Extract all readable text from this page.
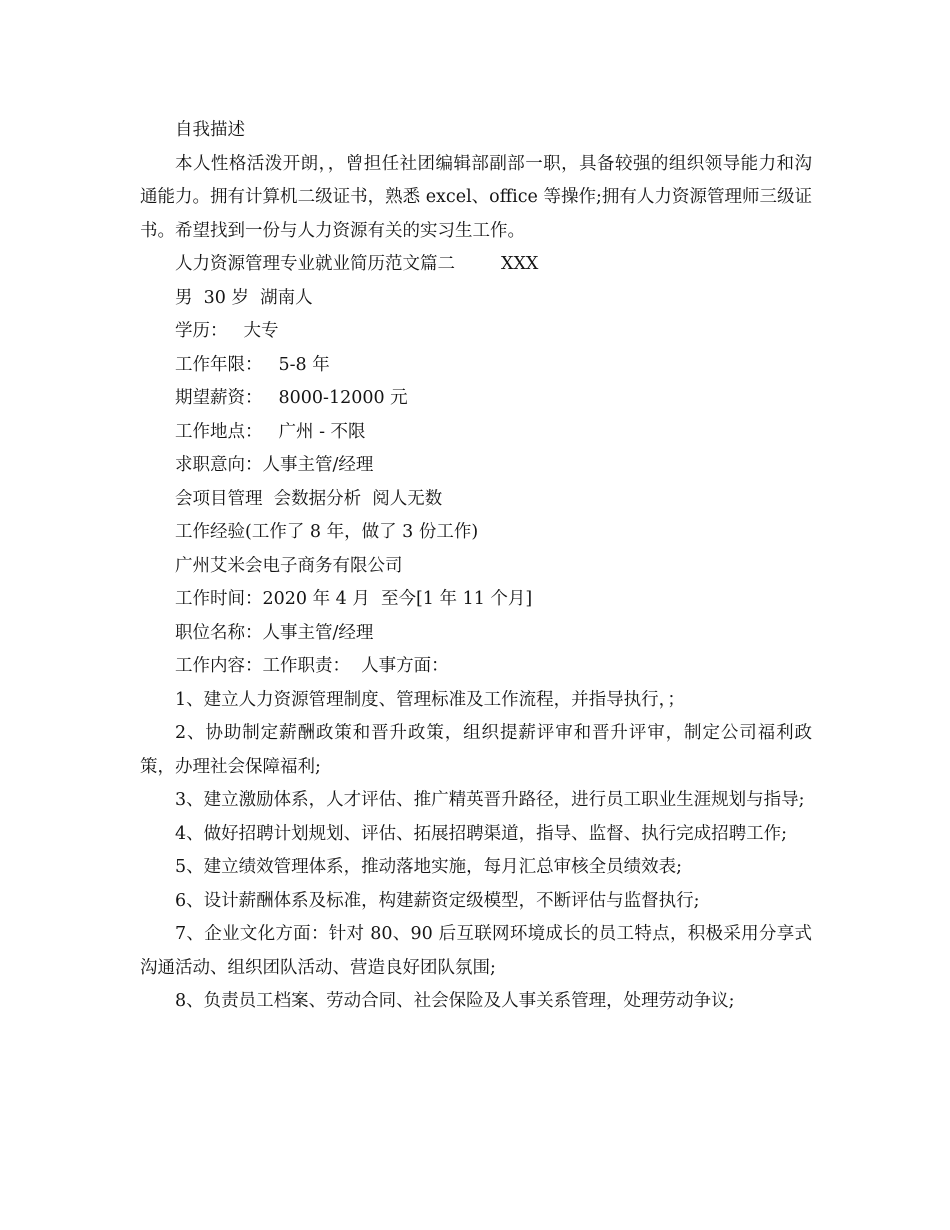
自我描述

本人性格活泼开朗，，曾担任社团编辑部副部一职，具备较强的组织领导能力和沟通能力。拥有计算机二级证书，熟悉 excel、office 等操作;拥有人力资源管理师三级证书。希望找到一份与人力资源有关的实习生工作。

人力资源管理专业就业简历范文篇二	XXX
男  30 岁  湖南人
学历： 大专
工作年限： 5-8 年
期望薪资： 8000-12000 元
工作地点： 广州 - 不限
求职意向：人事主管/经理
会项目管理  会数据分析  阅人无数
工作经验(工作了 8 年，做了 3 份工作)
广州艾米会电子商务有限公司
工作时间：2020 年 4 月  至今[1 年 11 个月]
职位名称：人事主管/经理
工作内容：工作职责：  人事方面：

1、建立人力资源管理制度、管理标准及工作流程，并指导执行，；

2、协助制定薪酬政策和晋升政策，组织提薪评审和晋升评审，制定公司福利政策，办理社会保障福利;

3、建立激励体系，人才评估、推广精英晋升路径，进行员工职业生涯规划与指导;

4、做好招聘计划规划、评估、拓展招聘渠道，指导、监督、执行完成招聘工作;

5、建立绩效管理体系，推动落地实施，每月汇总审核全员绩效表;

6、设计薪酬体系及标准，构建薪资定级模型，不断评估与监督执行;

7、企业文化方面：针对 80、90 后互联网环境成长的员工特点，积极采用分享式沟通活动、组织团队活动、营造良好团队氛围;

8、负责员工档案、劳动合同、社会保险及人事关系管理，处理劳动争议;
